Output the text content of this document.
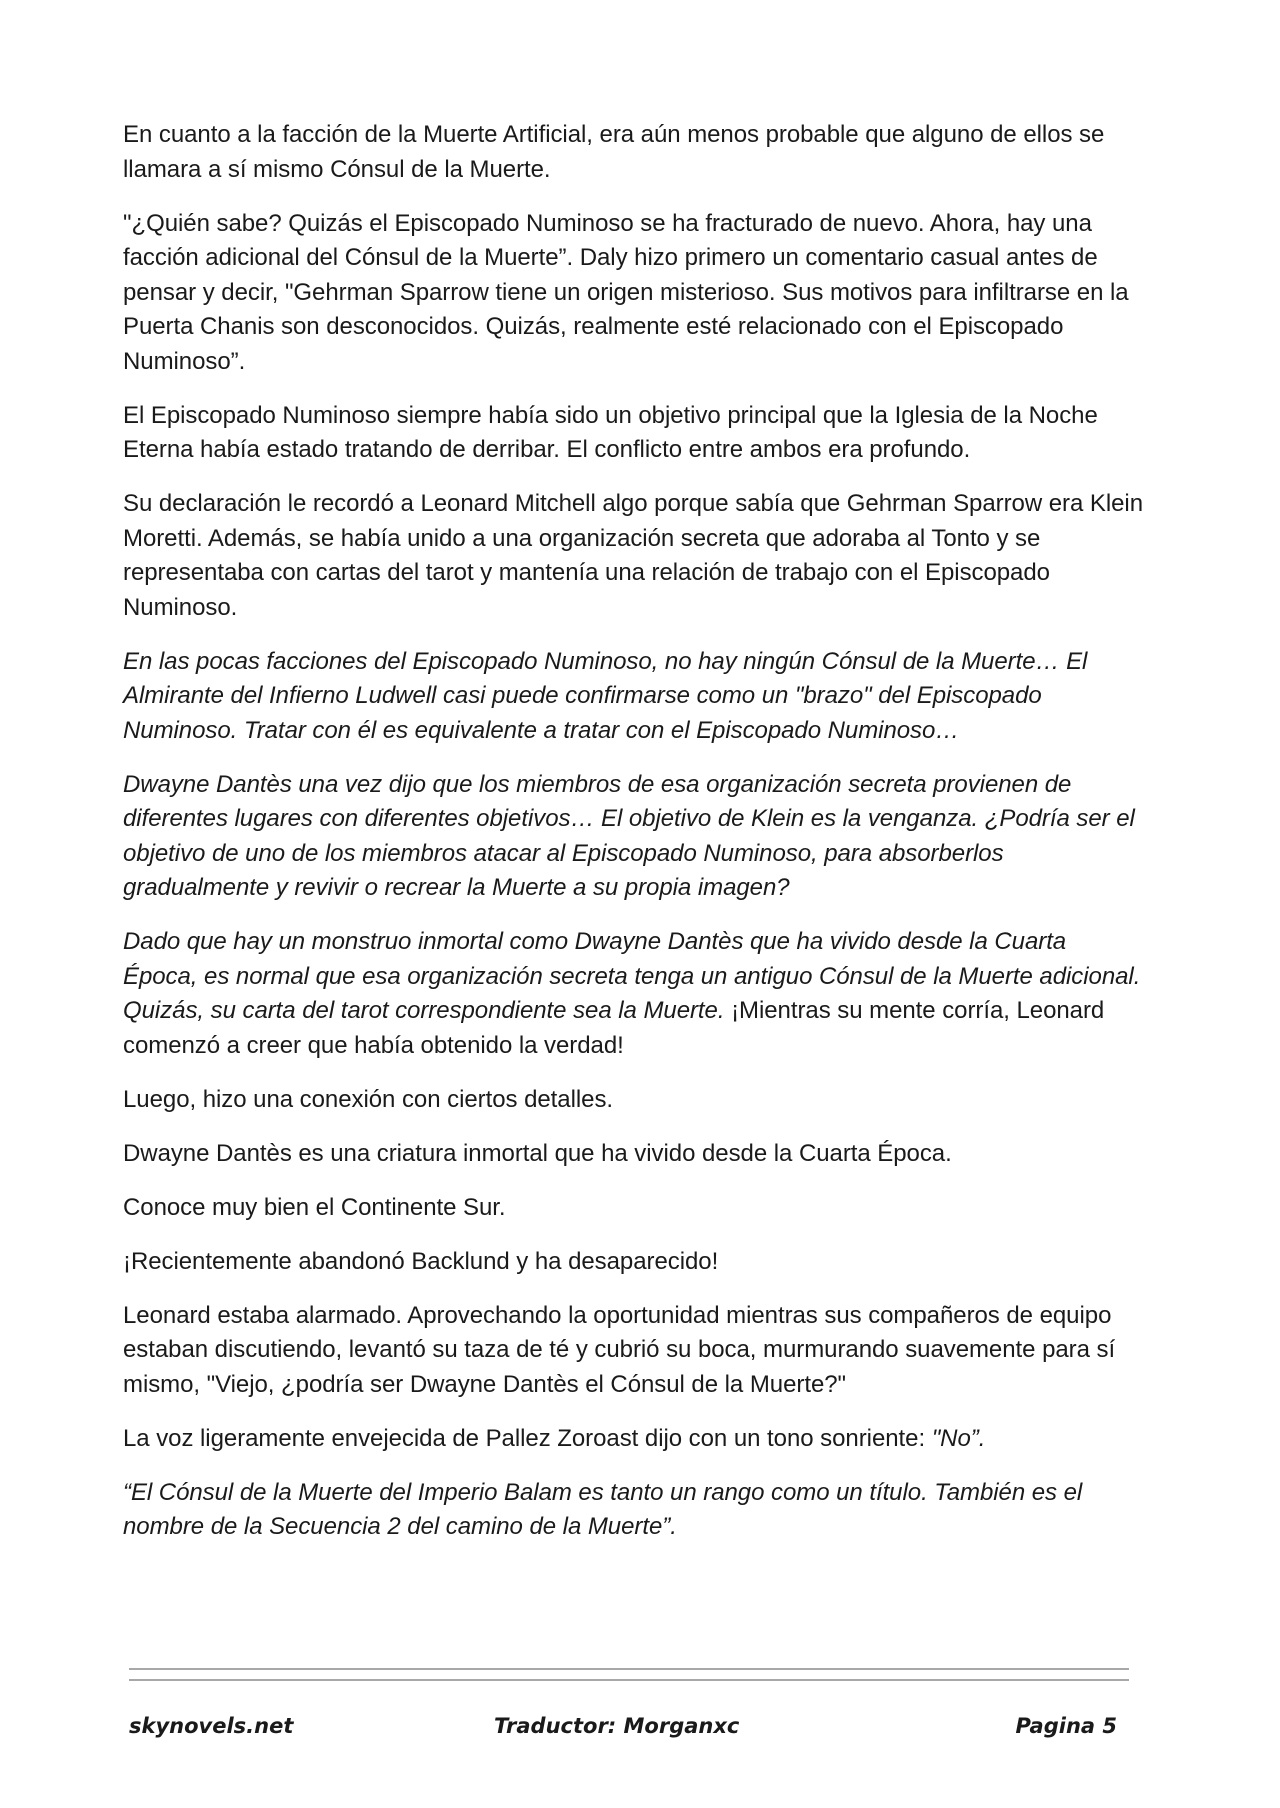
En cuanto a la facción de la Muerte Artificial, era aún menos probable que alguno de ellos se llamara a sí mismo Cónsul de la Muerte.

"¿Quién sabe? Quizás el Episcopado Numinoso se ha fracturado de nuevo. Ahora, hay una facción adicional del Cónsul de la Muerte”. Daly hizo primero un comentario casual antes de pensar y decir, "Gehrman Sparrow tiene un origen misterioso. Sus motivos para infiltrarse en la Puerta Chanis son desconocidos. Quizás, realmente esté relacionado con el Episcopado Numinoso”.

El Episcopado Numinoso siempre había sido un objetivo principal que la Iglesia de la Noche Eterna había estado tratando de derribar. El conflicto entre ambos era profundo.

Su declaración le recordó a Leonard Mitchell algo porque sabía que Gehrman Sparrow era Klein Moretti. Además, se había unido a una organización secreta que adoraba al Tonto y se representaba con cartas del tarot y mantenía una relación de trabajo con el Episcopado Numinoso.

En las pocas facciones del Episcopado Numinoso, no hay ningún Cónsul de la Muerte… El Almirante del Infierno Ludwell casi puede confirmarse como un "brazo" del Episcopado Numinoso. Tratar con él es equivalente a tratar con el Episcopado Numinoso…

Dwayne Dantès una vez dijo que los miembros de esa organización secreta provienen de diferentes lugares con diferentes objetivos… El objetivo de Klein es la venganza. ¿Podría ser el objetivo de uno de los miembros atacar al Episcopado Numinoso, para absorberlos gradualmente y revivir o recrear la Muerte a su propia imagen?

Dado que hay un monstruo inmortal como Dwayne Dantès que ha vivido desde la Cuarta Época, es normal que esa organización secreta tenga un antiguo Cónsul de la Muerte adicional. Quizás, su carta del tarot correspondiente sea la Muerte. ¡Mientras su mente corría, Leonard comenzó a creer que había obtenido la verdad!

Luego, hizo una conexión con ciertos detalles.

Dwayne Dantès es una criatura inmortal que ha vivido desde la Cuarta Época.

Conoce muy bien el Continente Sur.

¡Recientemente abandonó Backlund y ha desaparecido!

Leonard estaba alarmado. Aprovechando la oportunidad mientras sus compañeros de equipo estaban discutiendo, levantó su taza de té y cubrió su boca, murmurando suavemente para sí mismo, "Viejo, ¿podría ser Dwayne Dantès el Cónsul de la Muerte?"

La voz ligeramente envejecida de Pallez Zoroast dijo con un tono sonriente: "No”.

“El Cónsul de la Muerte del Imperio Balam es tanto un rango como un título. También es el nombre de la Secuencia 2 del camino de la Muerte”.

skynovels.net	Traductor: Morganxc	Pagina 5
